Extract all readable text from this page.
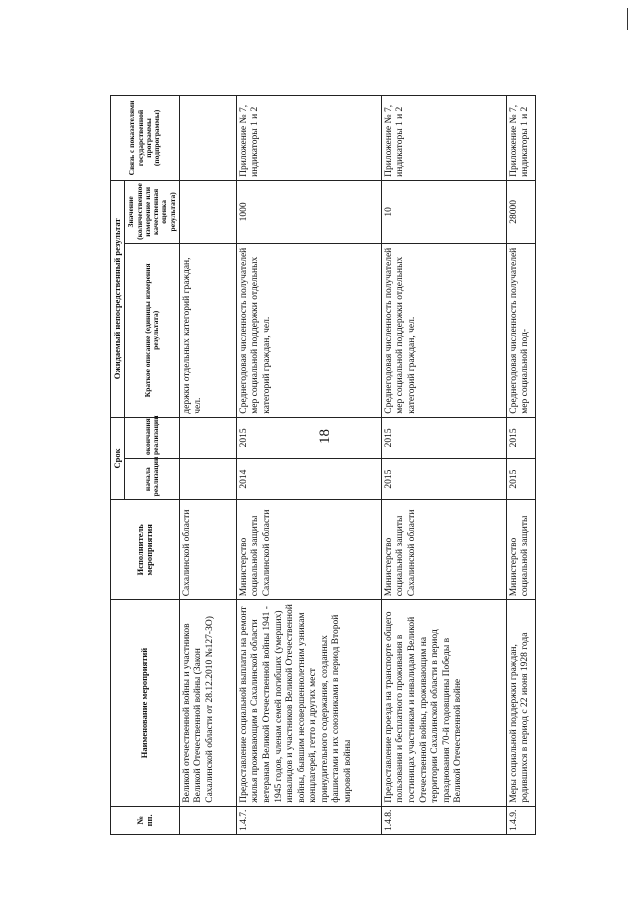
18
№ пп.	Наименование мероприятий	Исполнитель мероприятия	Срок		Ожидаемый непосредственный результат		Связь с показателями государственной программы (подпрограммы)
			начала реализации	окончания реализации	Краткое описание (единицы измерения результата)	Значение (количественное измерение или качественная оценка результата)	
	Великой отечественной войны и участников Великой Отечественной войны (Закон Сахалинской области от 28.12.2010 №127-ЗО)	Сахалинской области			держки отдельных категорий граждан, чел.		
1.4.7.	Предоставление социальной выплаты на ремонт жилья проживающим в Сахалинской области ветеранам Великой Отечественной войны 1941 - 1945 годов, членам семей погибших (умерших) инвалидов и участников Великой Отечественной войны, бывшим несовершеннолетним узникам концлагерей, гетто и других мест принудительного содержания, созданных фашистами и их союзниками в период Второй мировой войны	Министерство социальной защиты Сахалинской области	2014	2015	Среднегодовая численность получателей мер социальной поддержки отдельных категорий граждан, чел.	1000	Приложение № 7, индикаторы 1 и 2
1.4.8.	Предоставление проезда на транспорте общего пользования и бесплатного проживания в гостиницах участникам и инвалидам Великой Отечественной войны, проживающим на территории Сахалинской области в период празднования 70-й годовщины Победы в Великой Отечественной войне	Министерство социальной защиты Сахалинской области	2015	2015	Среднегодовая численность получателей мер социальной поддержки отдельных категорий граждан, чел.	10	Приложение № 7, индикаторы 1 и 2
1.4.9.	Меры социальной поддержки граждан, родившихся в период с 22 июня 1928 года	Министерство социальной защиты	2015	2015	Среднегодовая численность получателей мер социальной под-	28000	Приложение № 7, индикаторы 1 и 2
